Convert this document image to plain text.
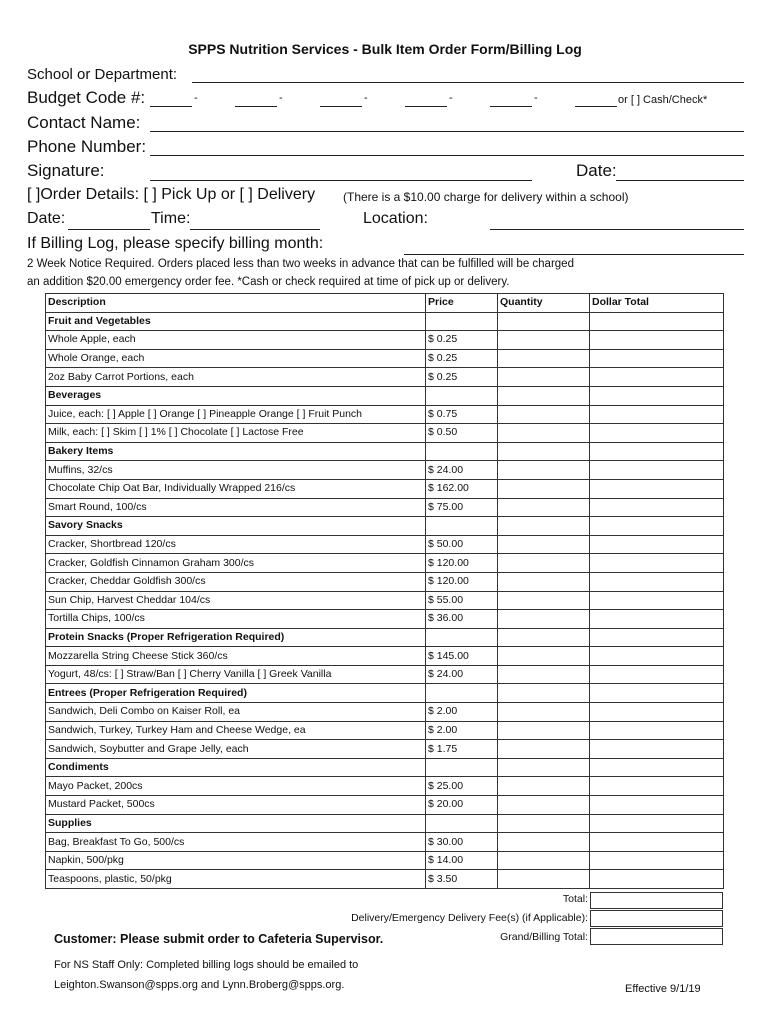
SPPS Nutrition Services - Bulk Item Order Form/Billing Log
School or Department:
Budget Code #:	-	-	-	-	-	or [ ] Cash/Check*
Contact Name:
Phone Number:
Signature:	Date:
[ ]Order Details: [ ] Pick Up or [ ] Delivery (There is a $10.00 charge for delivery within a school)
Date:	Time:	Location:
If Billing Log, please specify billing month:
2 Week Notice Required. Orders placed less than two weeks in advance that can be fulfilled will be charged
an addition $20.00 emergency order fee. *Cash or check required at time of pick up or delivery.
Description	Price	Quantity	Dollar Total
Fruit and Vegetables			
Whole Apple, each	$ 0.25		
Whole Orange, each	$ 0.25		
2oz Baby Carrot Portions, each	$ 0.25		
Beverages			
Juice, each: [ ] Apple [ ] Orange [ ] Pineapple Orange [ ] Fruit Punch	$ 0.75		
Milk, each: [ ] Skim [ ] 1% [ ] Chocolate [ ] Lactose Free	$ 0.50		
Bakery Items			
Muffins, 32/cs	$ 24.00		
Chocolate Chip Oat Bar, Individually Wrapped 216/cs	$ 162.00		
Smart Round, 100/cs	$ 75.00		
Savory Snacks			
Cracker, Shortbread 120/cs	$ 50.00		
Cracker, Goldfish Cinnamon Graham 300/cs	$ 120.00		
Cracker, Cheddar Goldfish 300/cs	$ 120.00		
Sun Chip, Harvest Cheddar 104/cs	$ 55.00		
Tortilla Chips, 100/cs	$ 36.00		
Protein Snacks (Proper Refrigeration Required)			
Mozzarella String Cheese Stick 360/cs	$ 145.00		
Yogurt, 48/cs: [ ] Straw/Ban [ ] Cherry Vanilla [ ] Greek Vanilla	$ 24.00		
Entrees (Proper Refrigeration Required)			
Sandwich, Deli Combo on Kaiser Roll, ea	$ 2.00		
Sandwich, Turkey, Turkey Ham and Cheese Wedge, ea	$ 2.00		
Sandwich, Soybutter and Grape Jelly, each	$ 1.75		
Condiments			
Mayo Packet, 200cs	$ 25.00		
Mustard Packet, 500cs	$ 20.00		
Supplies			
Bag, Breakfast To Go, 500/cs	$ 30.00		
Napkin, 500/pkg	$ 14.00		
Teaspoons, plastic, 50/pkg	$ 3.50		
Total:
Delivery/Emergency Delivery Fee(s) (if Applicable):
Grand/Billing Total:
Customer: Please submit order to Cafeteria Supervisor.
For NS Staff Only: Completed billing logs should be emailed to
Leighton.Swanson@spps.org and Lynn.Broberg@spps.org.	Effective 9/1/19
